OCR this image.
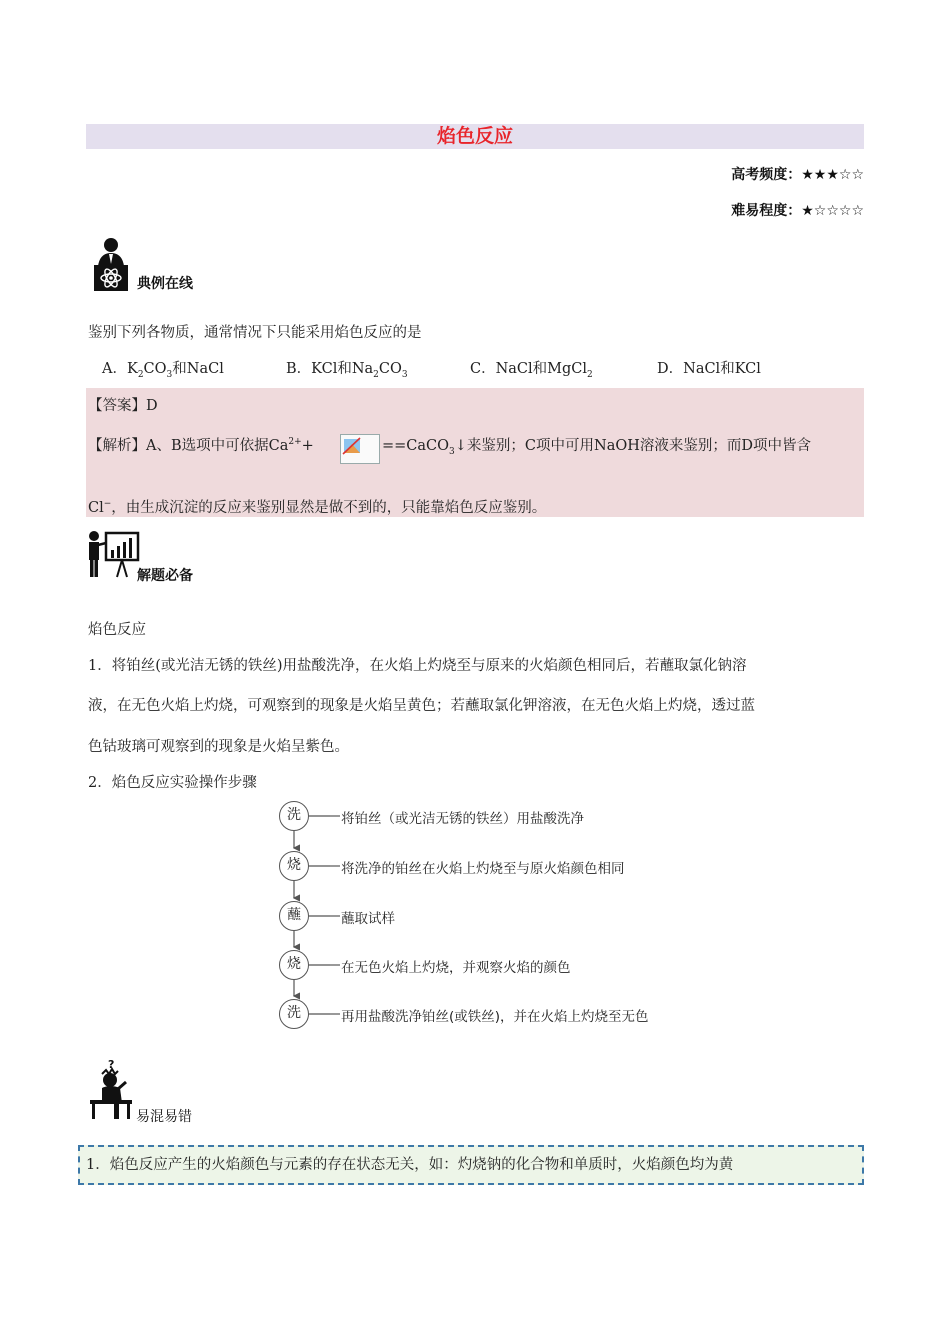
焰色反应
高考频度：★★★☆☆
难易程度：★☆☆☆☆
典例在线
鉴别下列各物质，通常情况下只能采用焰色反应的是
A．$K_2CO_3$和NaCl	B．KCl和$Na_2CO_3$	C．NaCl和MgCl$_2$	D．NaCl和KCl
【答案】D
【解析】A、B选项中可依据$Ca^{2+}+$	==CaCO$_3$↓来鉴别；C项中可用NaOH溶液来鉴别；而D项中皆含
Cl−，由生成沉淀的反应来鉴别显然是做不到的，只能靠焰色反应鉴别。
解题必备
焰色反应
1．将铂丝(或光洁无锈的铁丝)用盐酸洗净，在火焰上灼烧至与原来的火焰颜色相同后，若蘸取氯化钠溶
液，在无色火焰上灼烧，可观察到的现象是火焰呈黄色；若蘸取氯化钾溶液，在无色火焰上灼烧，透过蓝
色钴玻璃可观察到的现象是火焰呈紫色。
2．焰色反应实验操作步骤
洗	将铂丝（或光洁无锈的铁丝）用盐酸洗净
烧	将洗净的铂丝在火焰上灼烧至与原火焰颜色相同
蘸	蘸取试样
烧	在无色火焰上灼烧，并观察火焰的颜色
洗	再用盐酸洗净铂丝(或铁丝)，并在火焰上灼烧至无色
?
易混易错
1．焰色反应产生的火焰颜色与元素的存在状态无关，如：灼烧钠的化合物和单质时，火焰颜色均为黄
